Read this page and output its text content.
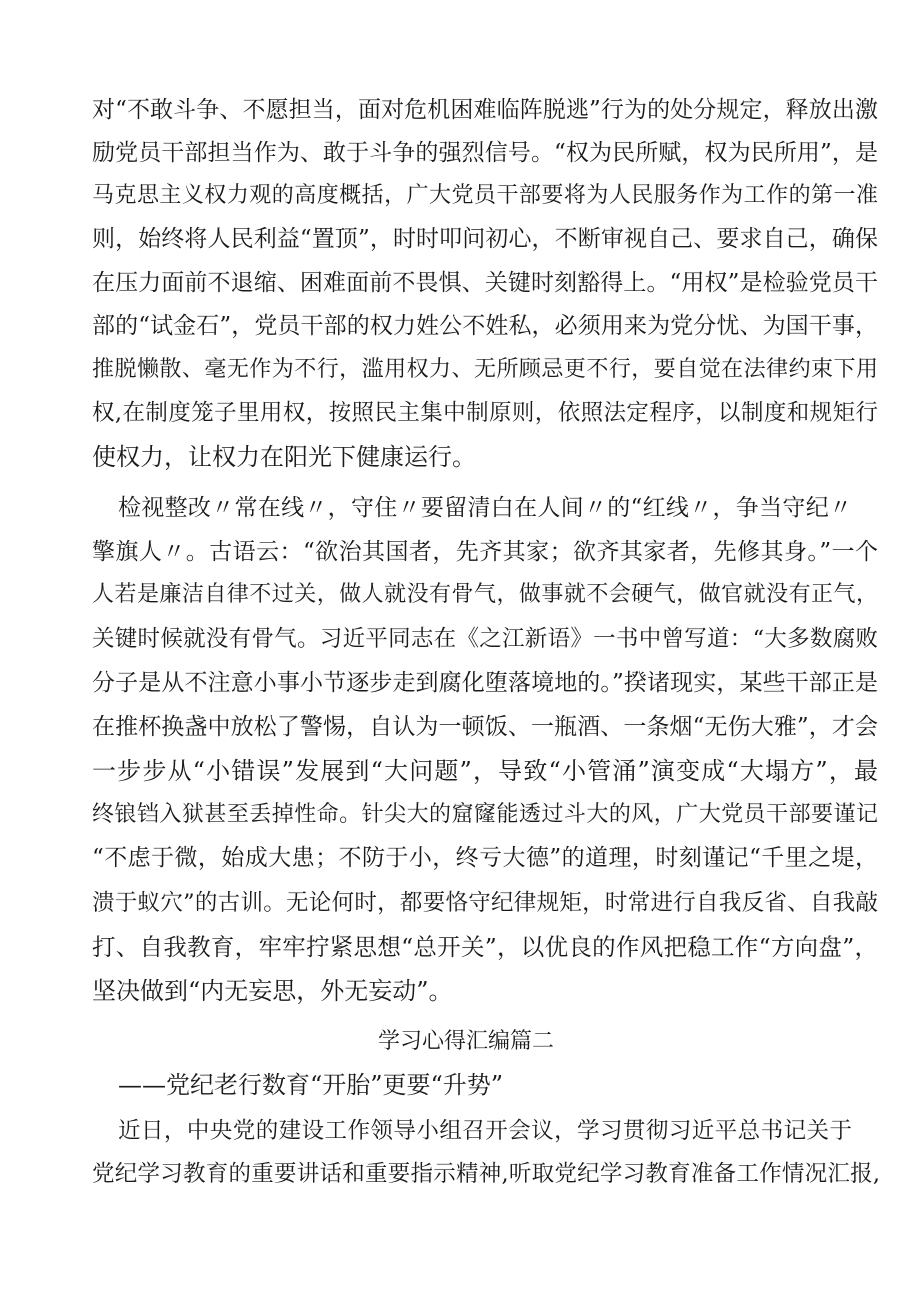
对“不敢斗争、不愿担当，面对危机困难临阵脱逃”行为的处分规定，释放出激
励党员干部担当作为、敢于斗争的强烈信号。“权为民所赋，权为民所用”，是
马克思主义权力观的高度概括，广大党员干部要将为人民服务作为工作的第一准
则，始终将人民利益“置顶”，时时叩问初心，不断审视自己、要求自己，确保
在压力面前不退缩、困难面前不畏惧、关键时刻豁得上。“用权”是检验党员干
部的“试金石”，党员干部的权力姓公不姓私，必须用来为党分忧、为国干事，
推脱懒散、毫无作为不行，滥用权力、无所顾忌更不行，要自觉在法律约束下用
权,在制度笼子里用权，按照民主集中制原则，依照法定程序，以制度和规矩行
使权力，让权力在阳光下健康运行。
检视整改〃常在线〃，守住〃要留清白在人间〃的“红线〃，争当守纪〃
擎旗人〃。古语云：“欲治其国者，先齐其家；欲齐其家者，先修其身。”一个
人若是廉洁自律不过关，做人就没有骨气，做事就不会硬气，做官就没有正气，
关键时候就没有骨气。习近平同志在《之江新语》一书中曾写道：“大多数腐败
分子是从不注意小事小节逐步走到腐化堕落境地的。”揆诸现实，某些干部正是
在推杯换盏中放松了警惕，自认为一顿饭、一瓶酒、一条烟“无伤大雅”，才会
一步步从“小错误”发展到“大问题”，导致“小管涌”演变成“大塌方”，最
终锒铛入狱甚至丢掉性命。针尖大的窟窿能透过斗大的风，广大党员干部要谨记
“不虑于微，始成大患；不防于小，终亏大德”的道理，时刻谨记“千里之堤，
溃于蚁穴”的古训。无论何时，都要恪守纪律规矩，时常进行自我反省、自我敲
打、自我教育，牢牢拧紧思想“总开关”，以优良的作风把稳工作“方向盘”，
坚决做到“内无妄思，外无妄动”。
学习心得汇编篇二
——党纪老行数育“开胎”更要“升势”
近日，中央党的建设工作领导小组召开会议，学习贯彻习近平总书记关于
党纪学习教育的重要讲话和重要指示精神,听取党纪学习教育准备工作情况汇报,
